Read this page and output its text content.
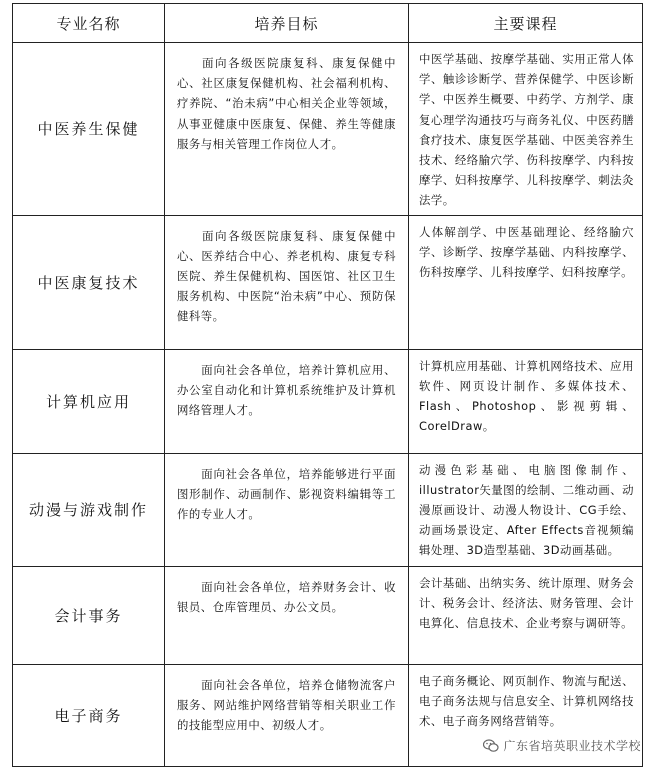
专业名称	培养目标	主要课程
中医养生保健	面向各级医院康复科、康复保健中心、社区康复保健机构、社会福利机构、疗养院、“治未病”中心相关企业等领域，从事亚健康中医康复、保健、养生等健康服务与相关管理工作岗位人才。	中医学基础、按摩学基础、实用正常人体学、触诊诊断学、营养保健学、中医诊断学、中医养生概要、中药学、方剂学、康复心理学沟通技巧与商务礼仪、中医药膳食疗技术、康复医学基础、中医美容养生技术、经络腧穴学、伤科按摩学、内科按摩学、妇科按摩学、儿科按摩学、刺法灸法学。
中医康复技术	面向各级医院康复科、康复保健中心、医养结合中心、养老机构、康复专科医院、养生保健机构、国医馆、社区卫生服务机构、中医院“治未病”中心、预防保健科等。	人体解剖学、中医基础理论、经络腧穴学、诊断学、按摩学基础、内科按摩学、伤科按摩学、儿科按摩学、妇科按摩学。
计算机应用	面向社会各单位，培养计算机应用、办公室自动化和计算机系统维护及计算机网络管理人才。	计算机应用基础、计算机网络技术、应用软件、网页设计制作、多媒体技术、Flash、Photoshop、影视剪辑、CorelDraw。
动漫与游戏制作	面向社会各单位，培养能够进行平面图形制作、动画制作、影视资料编辑等工作的专业人才。	动漫色彩基础、电脑图像制作、illustrator矢量图的绘制、二维动画、动漫原画设计、动漫人物设计、CG手绘、动画场景设定、After Effects音视频编辑处理、3D造型基础、3D动画基础。
会计事务	面向社会各单位，培养财务会计、收银员、仓库管理员、办公文员。	会计基础、出纳实务、统计原理、财务会计、税务会计、经济法、财务管理、会计电算化、信息技术、企业考察与调研等。
电子商务	面向社会各单位，培养仓储物流客户服务、网站维护网络营销等相关职业工作的技能型应用中、初级人才。	电子商务概论、网页制作、物流与配送、电子商务法规与信息安全、计算机网络技术、电子商务网络营销等。
广东省培英职业技术学校
